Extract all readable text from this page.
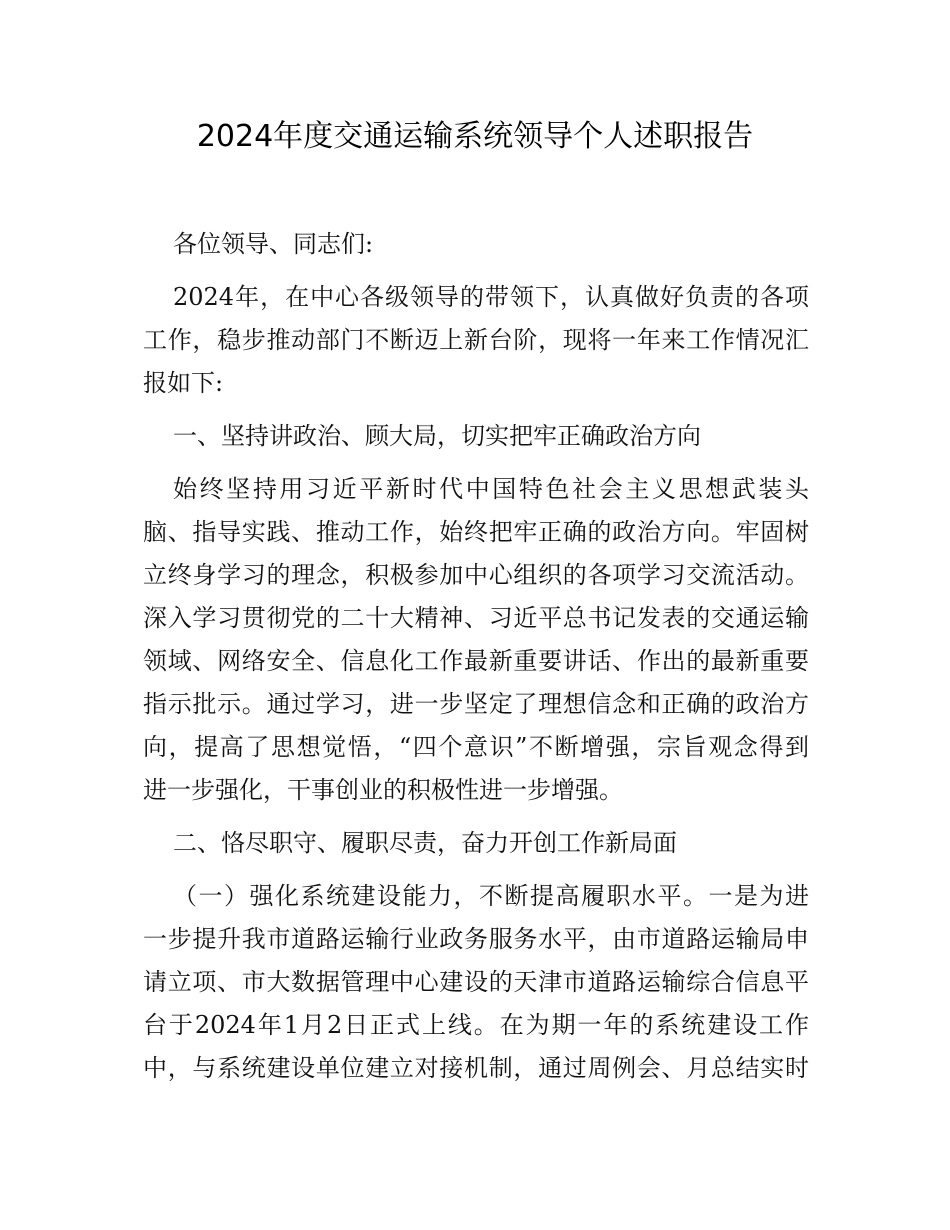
2024年度交通运输系统领导个人述职报告
各位领导、同志们:
2024年，在中心各级领导的带领下，认真做好负责的各项
工作，稳步推动部门不断迈上新台阶，现将一年来工作情况汇
报如下:
一、坚持讲政治、顾大局，切实把牢正确政治方向
始终坚持用习近平新时代中国特色社会主义思想武装头
脑、指导实践、推动工作，始终把牢正确的政治方向。牢固树
立终身学习的理念，积极参加中心组织的各项学习交流活动。
深入学习贯彻党的二十大精神、习近平总书记发表的交通运输
领域、网络安全、信息化工作最新重要讲话、作出的最新重要
指示批示。通过学习，进一步坚定了理想信念和正确的政治方
向，提高了思想觉悟，“四个意识”不断增强，宗旨观念得到
进一步强化，干事创业的积极性进一步增强。
二、恪尽职守、履职尽责，奋力开创工作新局面
（一）强化系统建设能力，不断提高履职水平。一是为进
一步提升我市道路运输行业政务服务水平，由市道路运输局申
请立项、市大数据管理中心建设的天津市道路运输综合信息平
台于2024年1月2日正式上线。在为期一年的系统建设工作
中，与系统建设单位建立对接机制，通过周例会、月总结实时
